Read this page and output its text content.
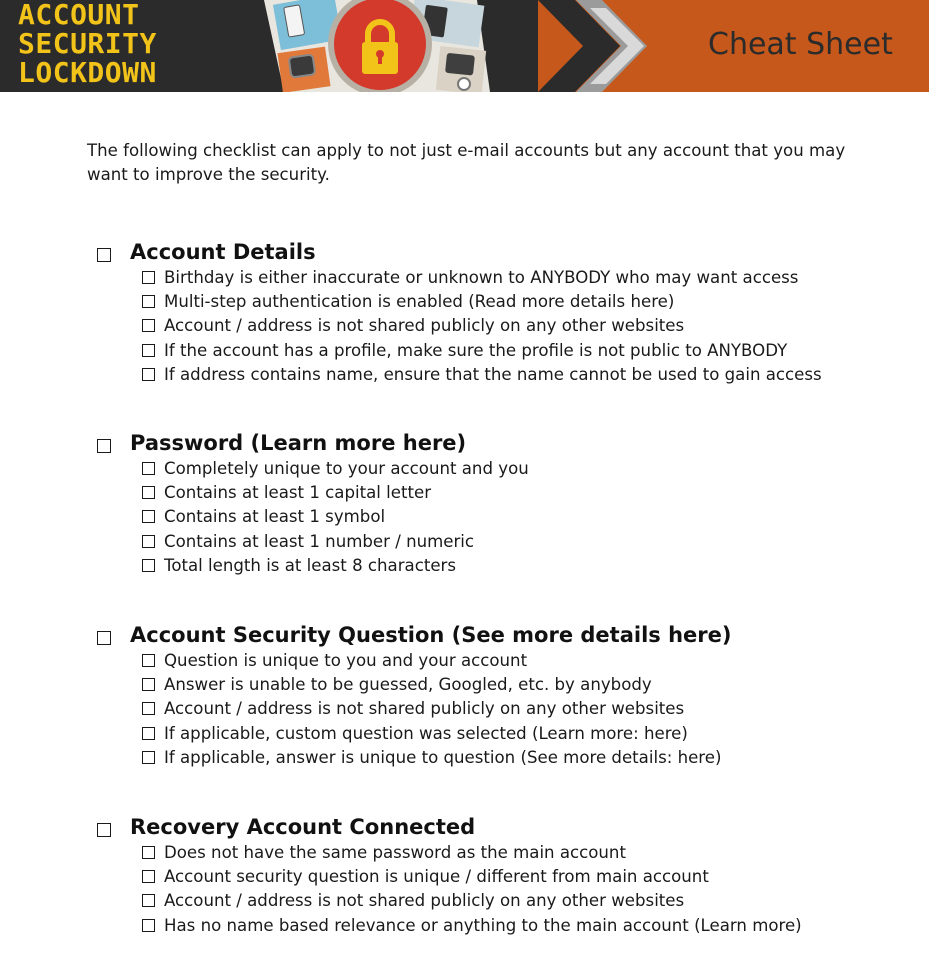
ACCOUNT
SECURITY
LOCKDOWN
Cheat Sheet

The following checklist can apply to not just e-mail accounts but any account that you may want to improve the security.

Account Details
Birthday is either inaccurate or unknown to ANYBODY who may want access
Multi-step authentication is enabled (Read more details here)
Account / address is not shared publicly on any other websites
If the account has a profile, make sure the profile is not public to ANYBODY
If address contains name, ensure that the name cannot be used to gain access
Password (Learn more here)
Completely unique to your account and you
Contains at least 1 capital letter
Contains at least 1 symbol
Contains at least 1 number / numeric
Total length is at least 8 characters
Account Security Question (See more details here)
Question is unique to you and your account
Answer is unable to be guessed, Googled, etc. by anybody
Account / address is not shared publicly on any other websites
If applicable, custom question was selected (Learn more: here)
If applicable, answer is unique to question (See more details: here)
Recovery Account Connected
Does not have the same password as the main account
Account security question is unique / different from main account
Account / address is not shared publicly on any other websites
Has no name based relevance or anything to the main account (Learn more)
